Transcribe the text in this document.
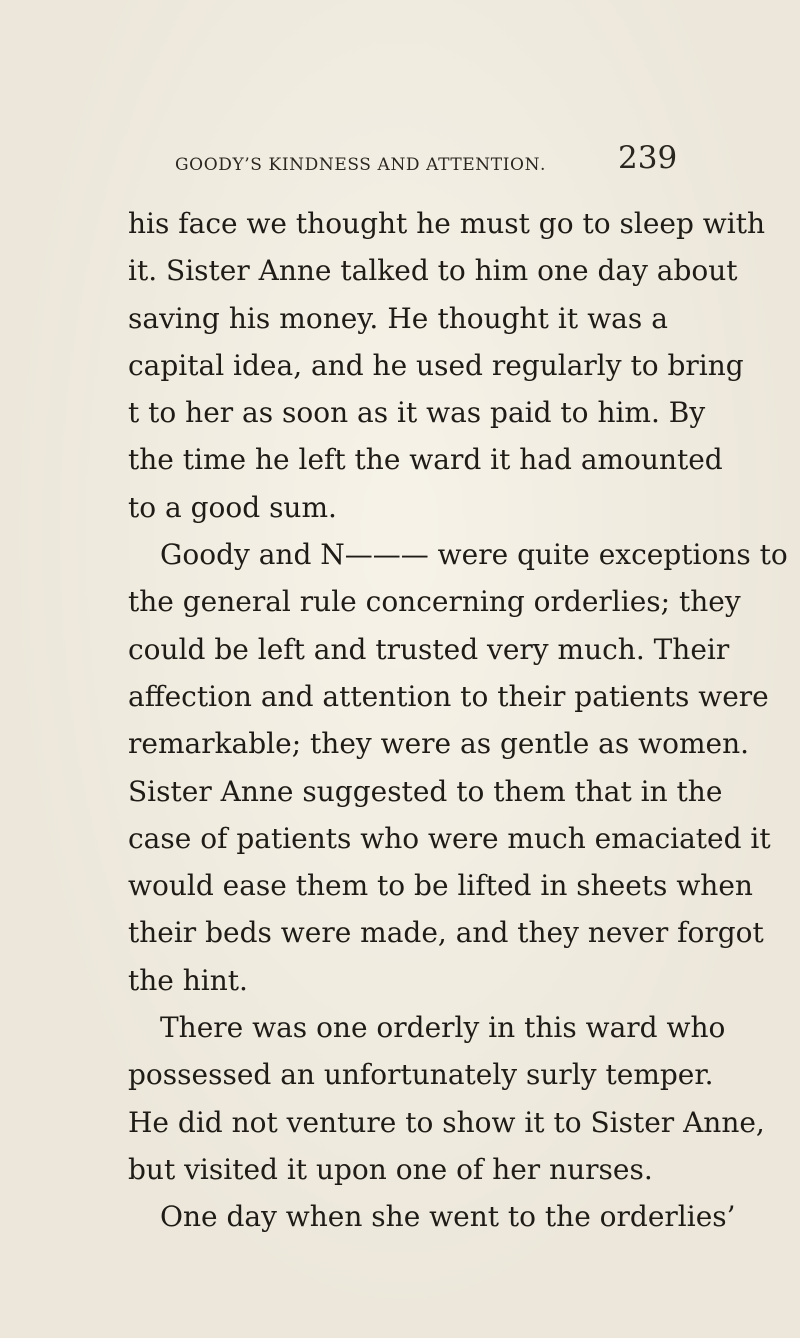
goody’s kindness and attention. 239
his face we thought he must go to sleep with
it. Sister Anne talked to him one day about
saving his money. He thought it was a
capital idea, and he used regularly to bring
t to her as soon as it was paid to him. By
the time he left the ward it had amounted
to a good sum.
Goody and N——— were quite exceptions to
the general rule concerning orderlies; they
could be left and trusted very much. Their
affection and attention to their patients were
remarkable; they were as gentle as women.
Sister Anne suggested to them that in the
case of patients who were much emaciated it
would ease them to be lifted in sheets when
their beds were made, and they never forgot
the hint.
There was one orderly in this ward who
possessed an unfortunately surly temper.
He did not venture to show it to Sister Anne,
but visited it upon one of her nurses.
One day when she went to the orderlies’
